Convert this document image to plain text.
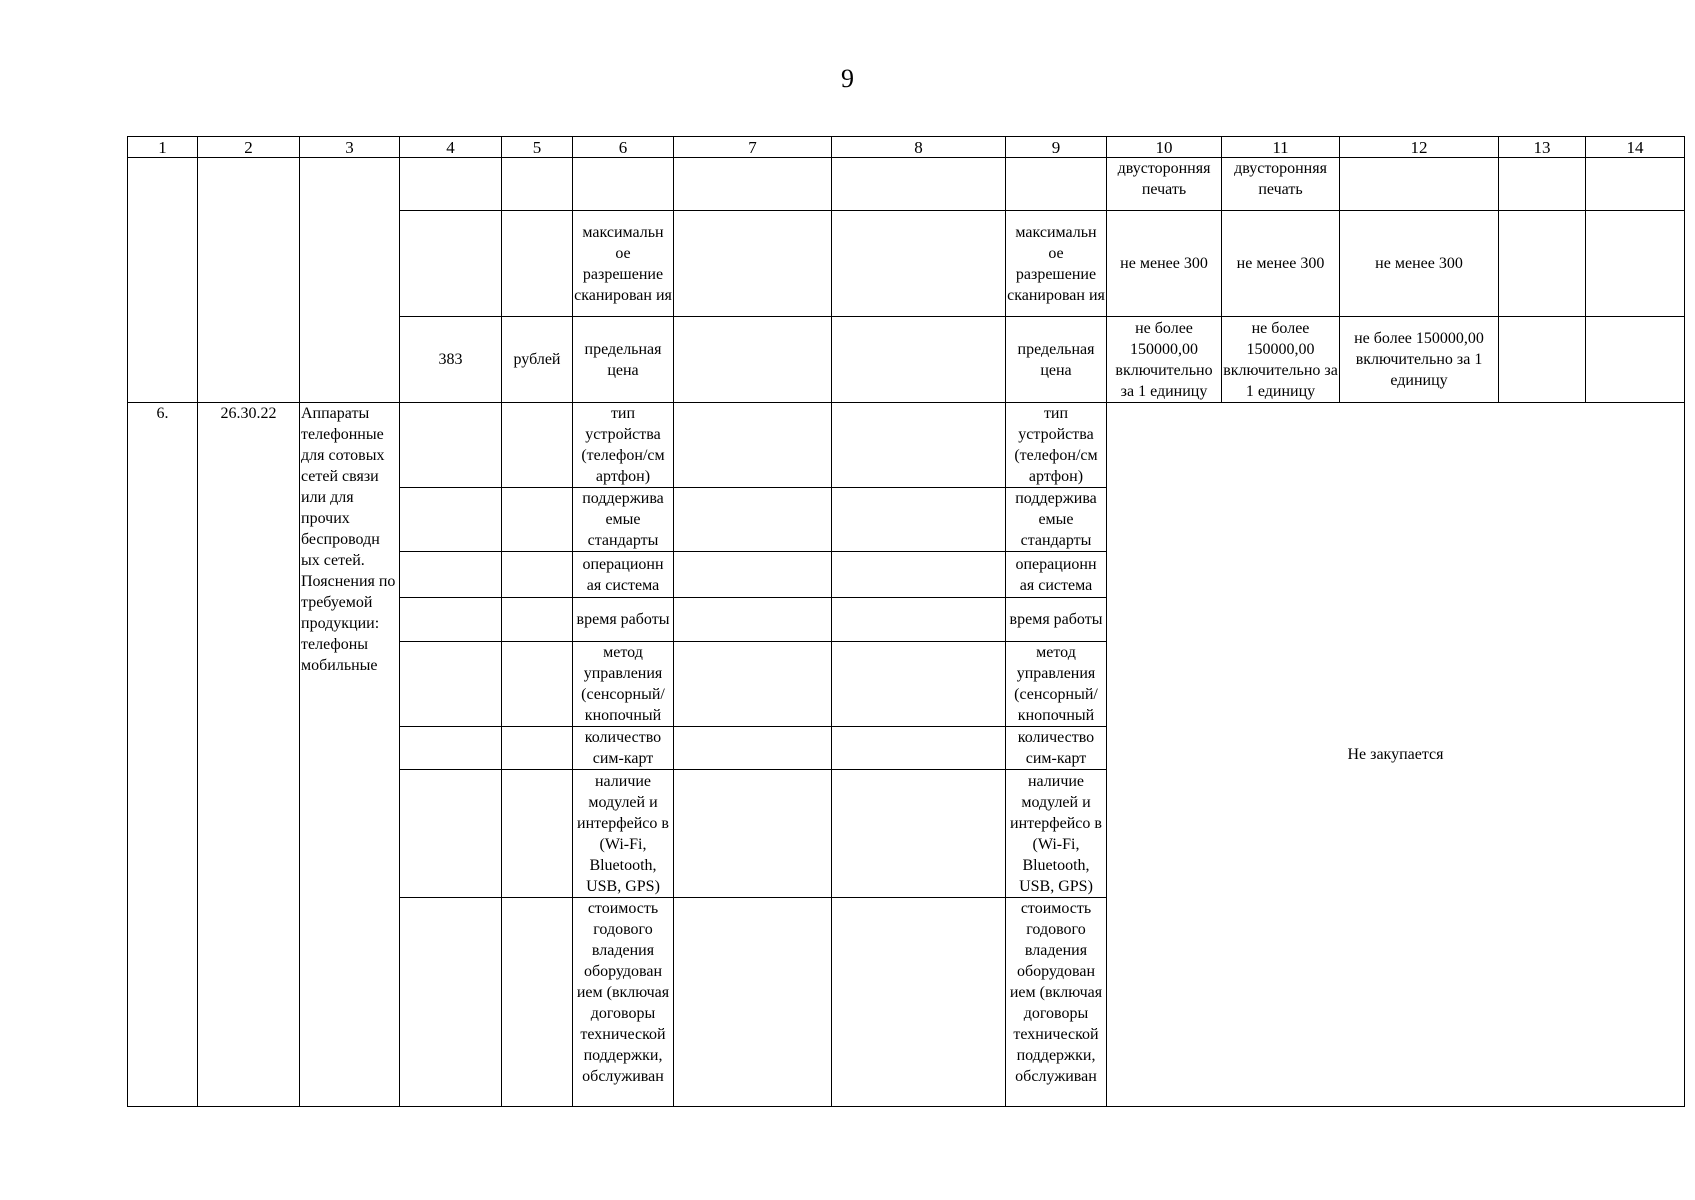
9
1	2	3	4	5	6	7	8	9	10	11	12	13	14
									двусторонняя печать	двусторонняя печать			
					максимальн ое разрешение сканирован ия			максимальн ое разрешение сканирован ия	не менее 300	не менее 300	не менее 300		
			383	рублей	предельная цена			предельная цена	не более 150000,00 включительно за 1 единицу	не более 150000,00 включительно за 1 единицу	не более 150000,00 включительно за 1 единицу		
6.	26.30.22	Аппараты телефонные для сотовых сетей связи или для прочих беспроводн ых сетей. Пояснения по требуемой продукции: телефоны мобильные			тип устройства (телефон/см артфон)			тип устройства (телефон/см артфон)	Не закупается				
					поддержива емые стандарты			поддержива емые стандарты					
					операционн ая система			операционн ая система					
					время работы			время работы					
					метод управления (сенсорный/ кнопочный			метод управления (сенсорный/ кнопочный					
					количество сим-карт			количество сим-карт					
					наличие модулей и интерфейсо в (Wi-Fi, Bluetooth, USB, GPS)			наличие модулей и интерфейсо в (Wi-Fi, Bluetooth, USB, GPS)					
					стоимость годового владения оборудован ием (включая договоры технической поддержки, обслуживан			стоимость годового владения оборудован ием (включая договоры технической поддержки, обслуживан					
